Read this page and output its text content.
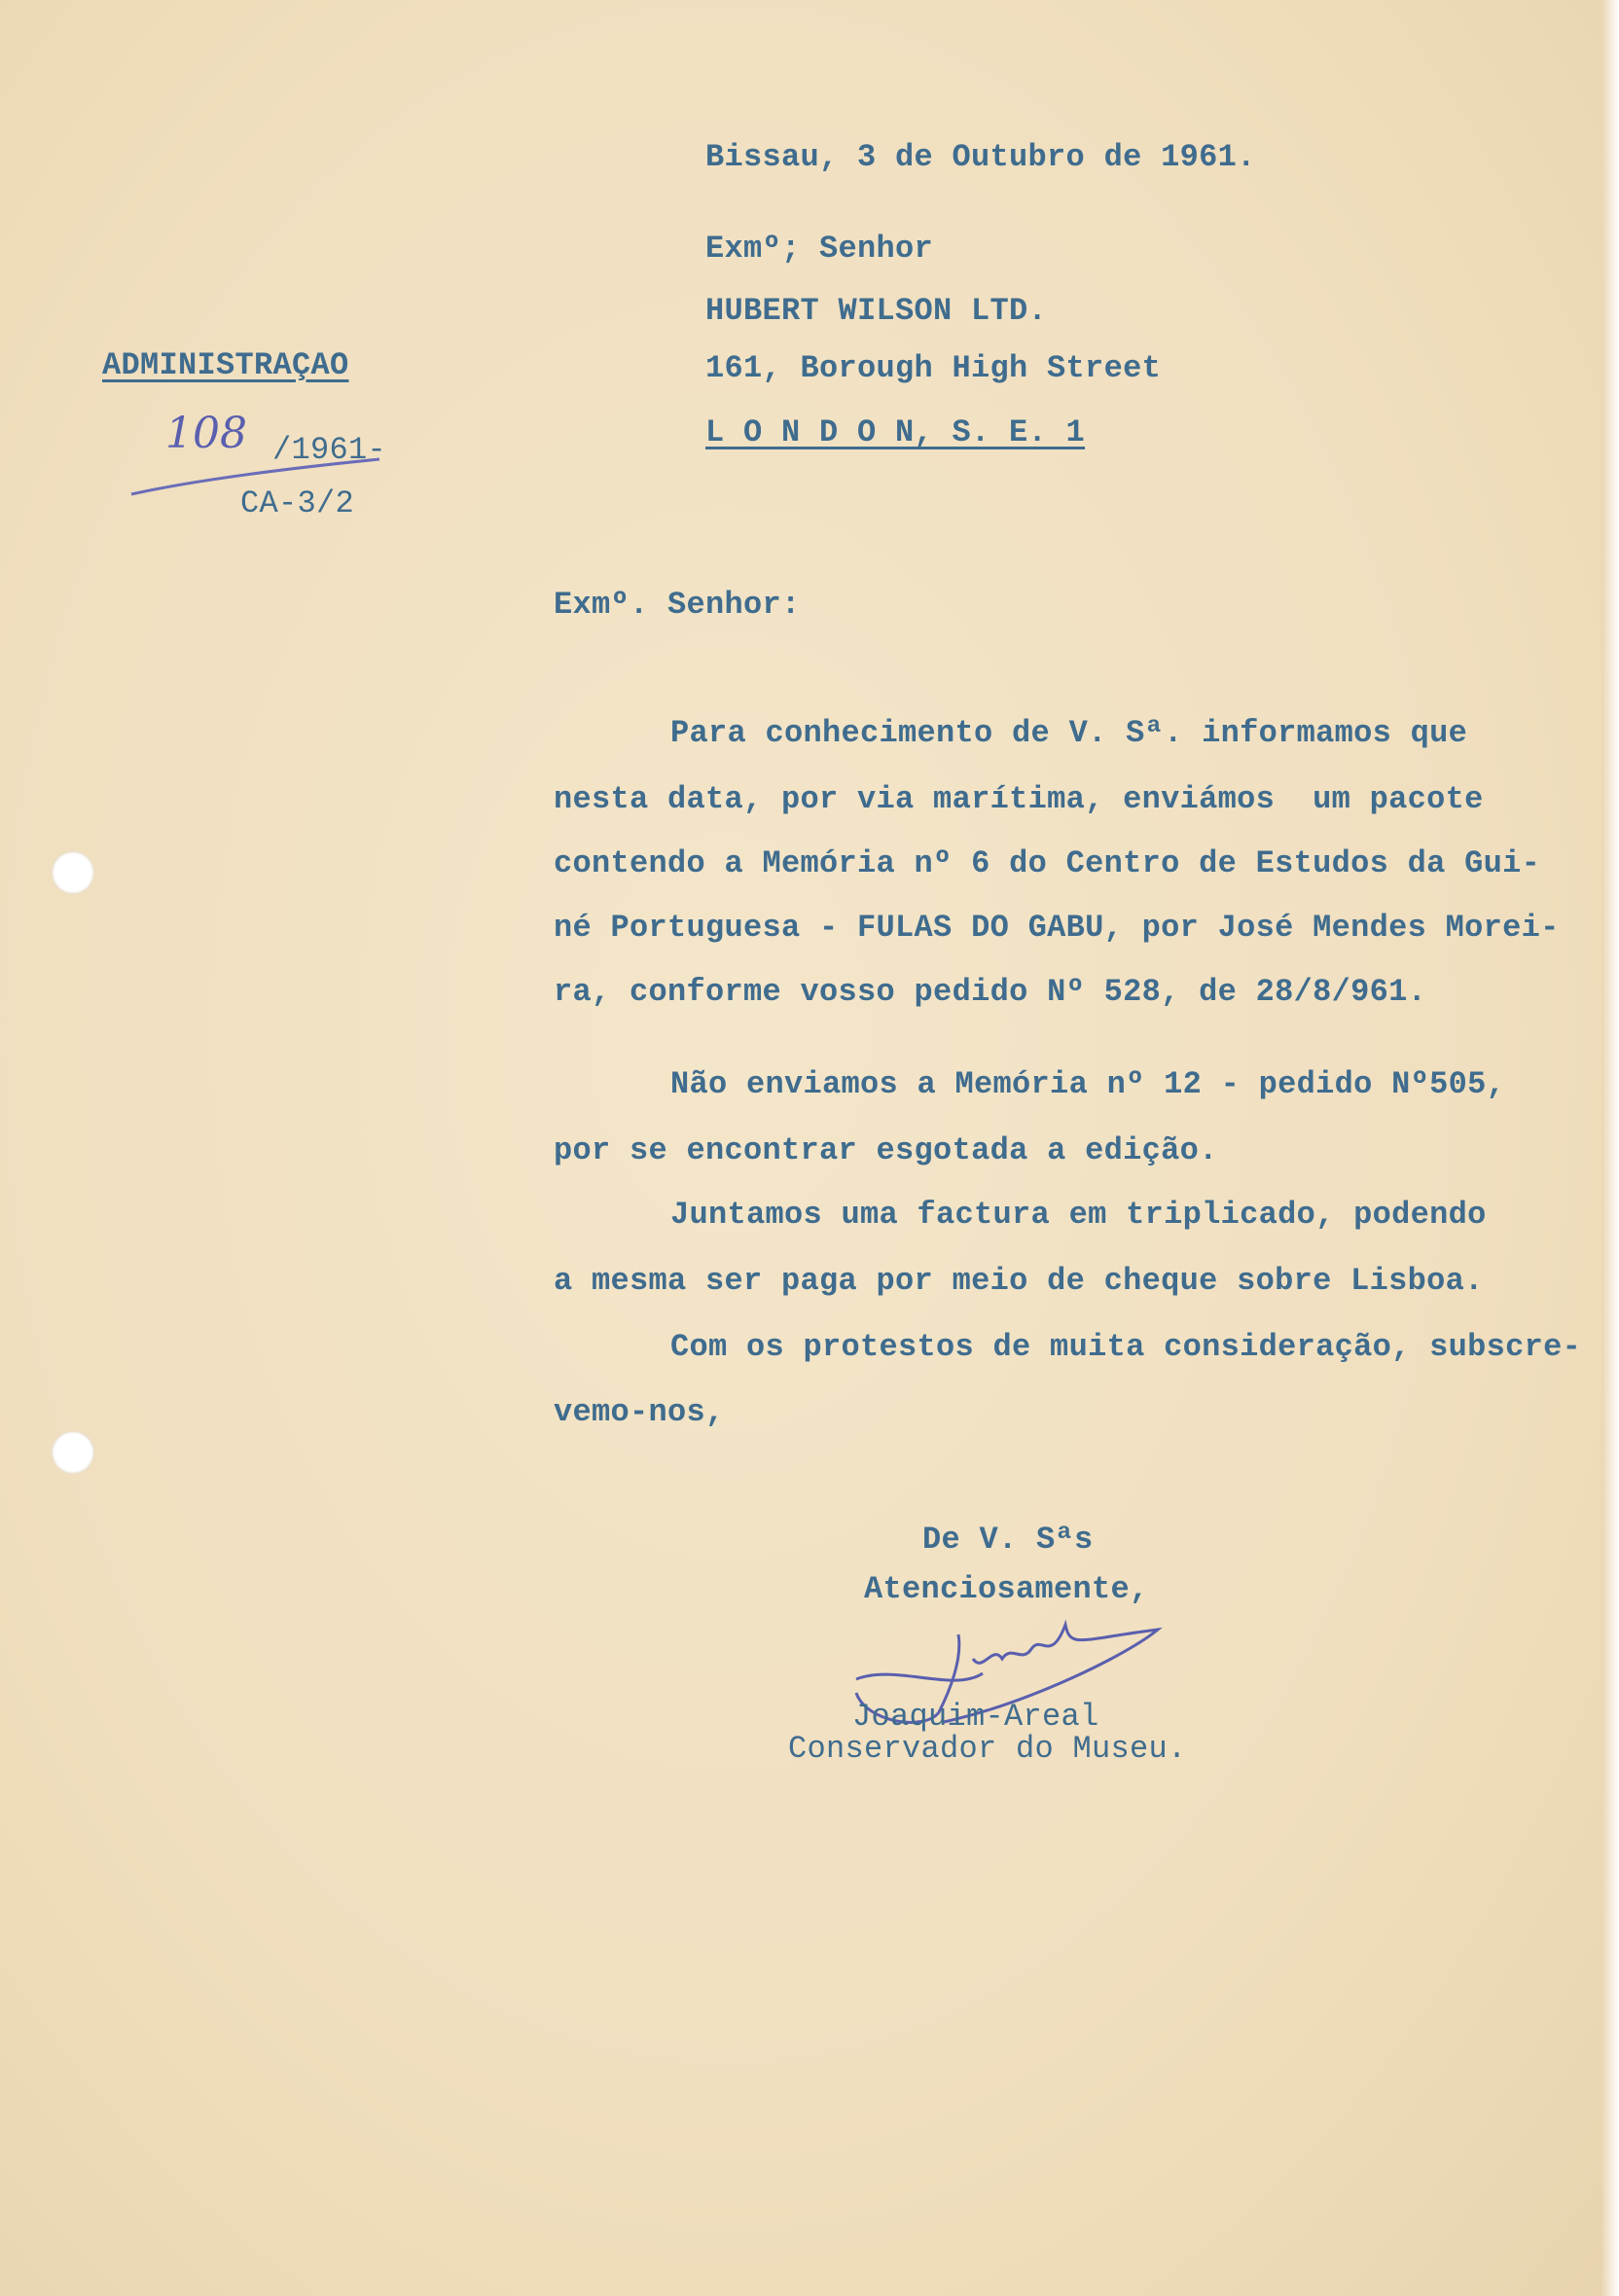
Bissau, 3 de Outubro de 1961.
Exmº; Senhor
HUBERT WILSON LTD.
161, Borough High Street
L O N D O N, S. E. 1
ADMINISTRAÇAO
108 /1961-
CA-3/2
Exmº. Senhor:
Para conhecimento de V. Sª. informamos que
nesta data, por via marítima, enviámos  um pacote
contendo a Memória nº 6 do Centro de Estudos da Gui-
né Portuguesa - FULAS DO GABU, por José Mendes Morei-
ra, conforme vosso pedido Nº 528, de 28/8/961.
Não enviamos a Memória nº 12 - pedido Nº505,
por se encontrar esgotada a edição.
Juntamos uma factura em triplicado, podendo
a mesma ser paga por meio de cheque sobre Lisboa.
Com os protestos de muita consideração, subscre-
vemo-nos,
De V. Sªs
Atenciosamente,
Joaquim-Areal
Conservador do Museu.
